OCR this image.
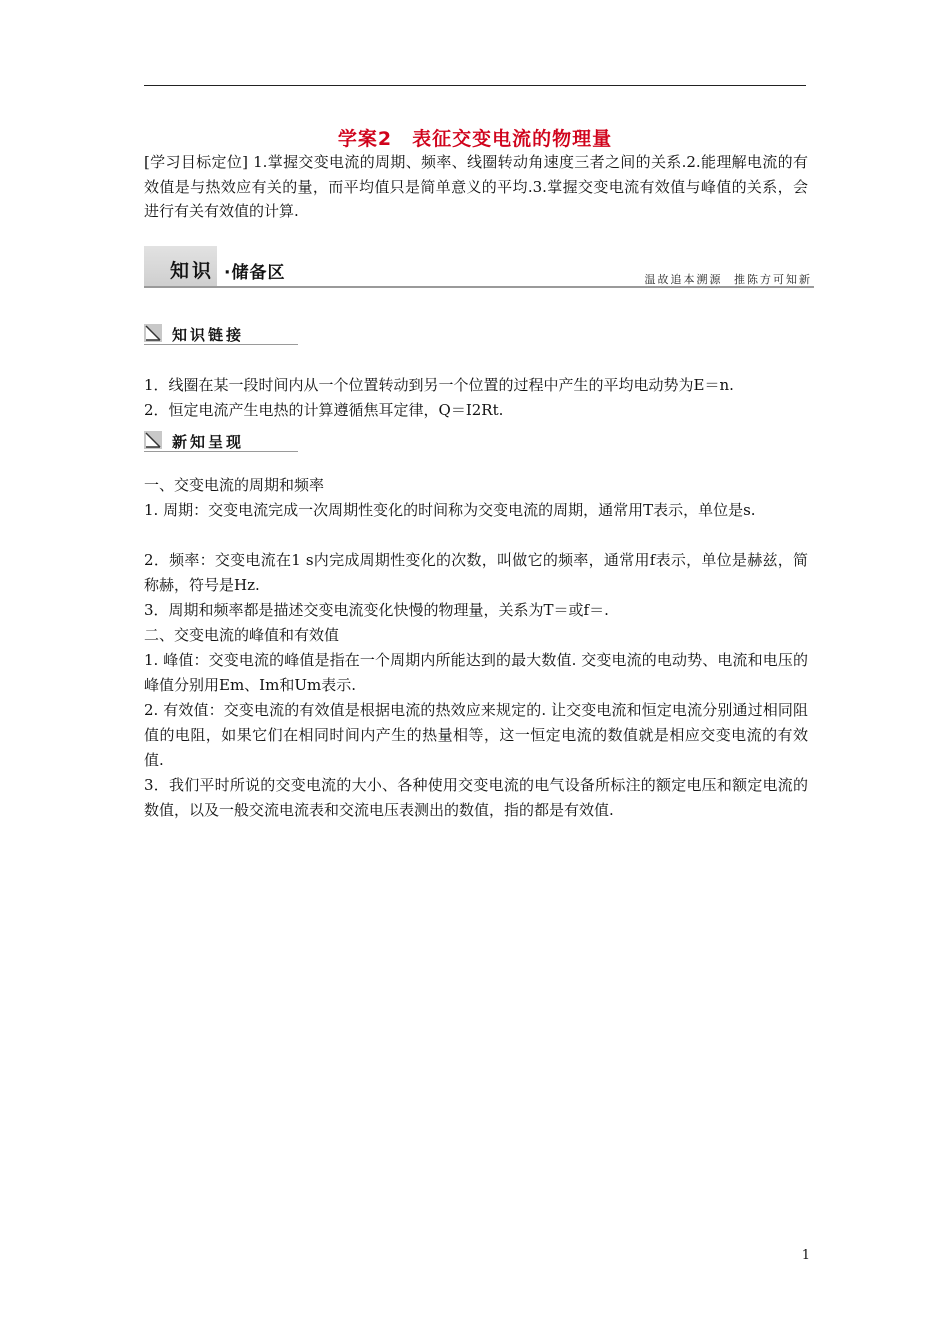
学案2　表征交变电流的物理量

[学习目标定位] 1.掌握交变电流的周期、频率、线圈转动角速度三者之间的关系.2.能理解电流的有效值是与热效应有关的量，而平均值只是简单意义的平均.3.掌握交变电流有效值与峰值的关系，会进行有关有效值的计算.

知识 ·储备区	温故追本溯源 推陈方可知新
知识链接

1．线圈在某一段时间内从一个位置转动到另一个位置的过程中产生的平均电动势为E＝n.

2．恒定电流产生电热的计算遵循焦耳定律，Q＝I2Rt.

新知呈现

一、交变电流的周期和频率

1. 周期：交变电流完成一次周期性变化的时间称为交变电流的周期，通常用T表示，单位是s.

2．频率：交变电流在1 s内完成周期性变化的次数，叫做它的频率，通常用f表示，单位是赫兹，简称赫，符号是Hz.

3．周期和频率都是描述交变电流变化快慢的物理量，关系为T＝或f＝.

二、交变电流的峰值和有效值

1. 峰值：交变电流的峰值是指在一个周期内所能达到的最大数值. 交变电流的电动势、电流和电压的峰值分别用Em、Im和Um表示.

2. 有效值：交变电流的有效值是根据电流的热效应来规定的. 让交变电流和恒定电流分别通过相同阻值的电阻，如果它们在相同时间内产生的热量相等，这一恒定电流的数值就是相应交变电流的有效值.

3．我们平时所说的交变电流的大小、各种使用交变电流的电气设备所标注的额定电压和额定电流的数值，以及一般交流电流表和交流电压表测出的数值，指的都是有效值.

1
